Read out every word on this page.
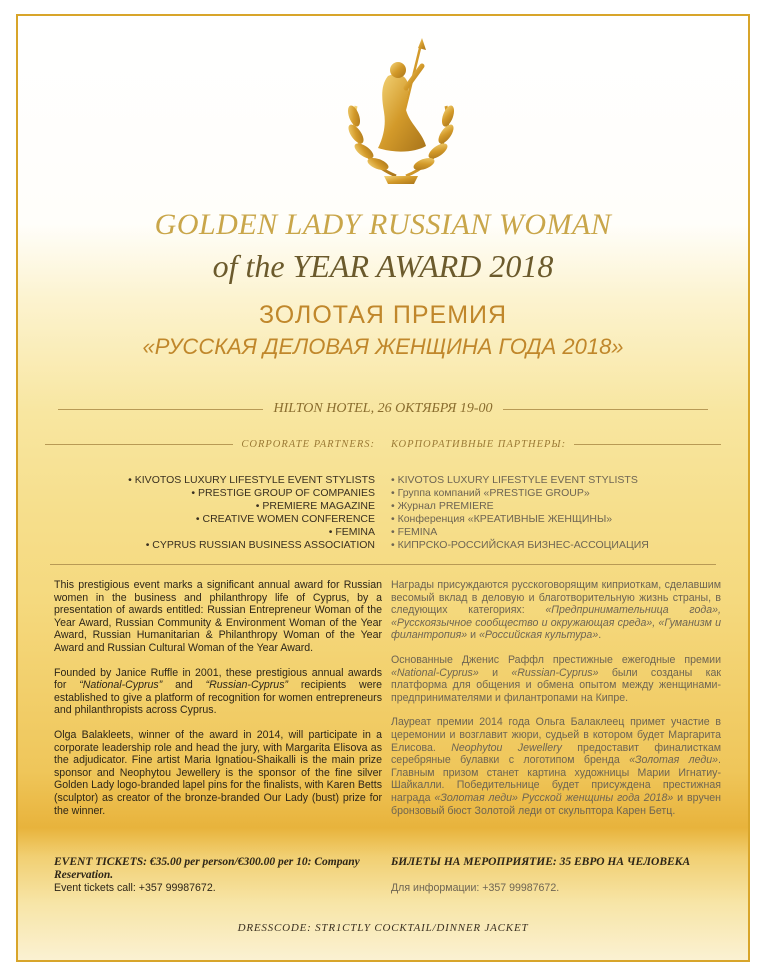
GOLDEN LADY RUSSIAN WOMAN
of the YEAR AWARD 2018
ЗОЛОТАЯ ПРЕМИЯ
«РУССКАЯ ДЕЛОВАЯ ЖЕНЩИНА ГОДА 2018»
HILTON HOTEL, 26 ОКТЯБРЯ 19-00
CORPORATE PARTNERS: КОРПОРАТИВНЫЕ ПАРТНЕРЫ:
• KIVOTOS LUXURY LIFESTYLE EVENT STYLISTS
• PRESTIGE GROUP OF COMPANIES
• PREMIERE MAGAZINE
• CREATIVE WOMEN CONFERENCE
• FEMINA
• CYPRUS RUSSIAN BUSINESS ASSOCIATION
• KIVOTOS LUXURY LIFESTYLE EVENT STYLISTS
• Группа компаний «PRESTIGE GROUP»
• Журнал PREMIERE
• Конференция «КРЕАТИВНЫЕ ЖЕНЩИНЫ»
• FEMINA
• КИПРСКО-РОССИЙСКАЯ БИЗНЕС-АССОЦИАЦИЯ

This prestigious event marks a significant annual award for Russian women in the business and philanthropy life of Cyprus, by a presentation of awards entitled: Russian Entrepreneur Woman of the Year Award, Russian Community & Environment Woman of the Year Award, Russian Humanitarian & Philanthropy Woman of the Year Award and Russian Cultural Woman of the Year Award.

Founded by Janice Ruffle in 2001, these prestigious annual awards for “National-Cyprus” and “Russian-Cyprus” recipients were established to give a platform of recognition for women entrepreneurs and philanthropists across Cyprus.

Olga Balakleets, winner of the award in 2014, will participate in a corporate leadership role and head the jury, with Margarita Elisova as the adjudicator. Fine artist Maria Ignatiou-Shaikalli is the main prize sponsor and Neophytou Jewellery is the sponsor of the fine silver Golden Lady logo-branded lapel pins for the finalists, with Karen Betts (sculptor) as creator of the bronze-branded Our Lady (bust) prize for the winner.

Награды присуждаются русскоговорящим киприоткам, сделавшим весомый вклад в деловую и благотворительную жизнь страны, в следующих категориях: «Предпринимательница года», «Русскоязычное сообщество и окружающая среда», «Гуманизм и филантропия» и «Российская культура».

Основанные Дженис Раффл престижные ежегодные премии «National-Cyprus» и «Russian-Cyprus» были созданы как платформа для общения и обмена опытом между женщинами-предпринимателями и филантропами на Кипре.

Лауреат премии 2014 года Ольга Балаклеец примет участие в церемонии и возглавит жюри, судьей в котором будет Маргарита Елисова. Neophytou Jewellery предоставит финалисткам серебряные булавки с логотипом бренда «Золотая леди». Главным призом станет картина художницы Марии Игнатиу-Шайкалли. Победительнице будет присуждена престижная награда «Золотая леди» Русской женщины года 2018» и вручен бронзовый бюст Золотой леди от скульптора Карен Бетц.

EVENT TICKETS: €35.00 per person/€300.00 per 10: Company Reservation.
Event tickets call: +357 99987672.
БИЛЕТЫ НА МЕРОПРИЯТИЕ: 35 ЕВРО НА ЧЕЛОВЕКА
Для информации: +357 99987672.
DRESSCODE: STR1CTLY COCKTAIL/DINNER JACKET
